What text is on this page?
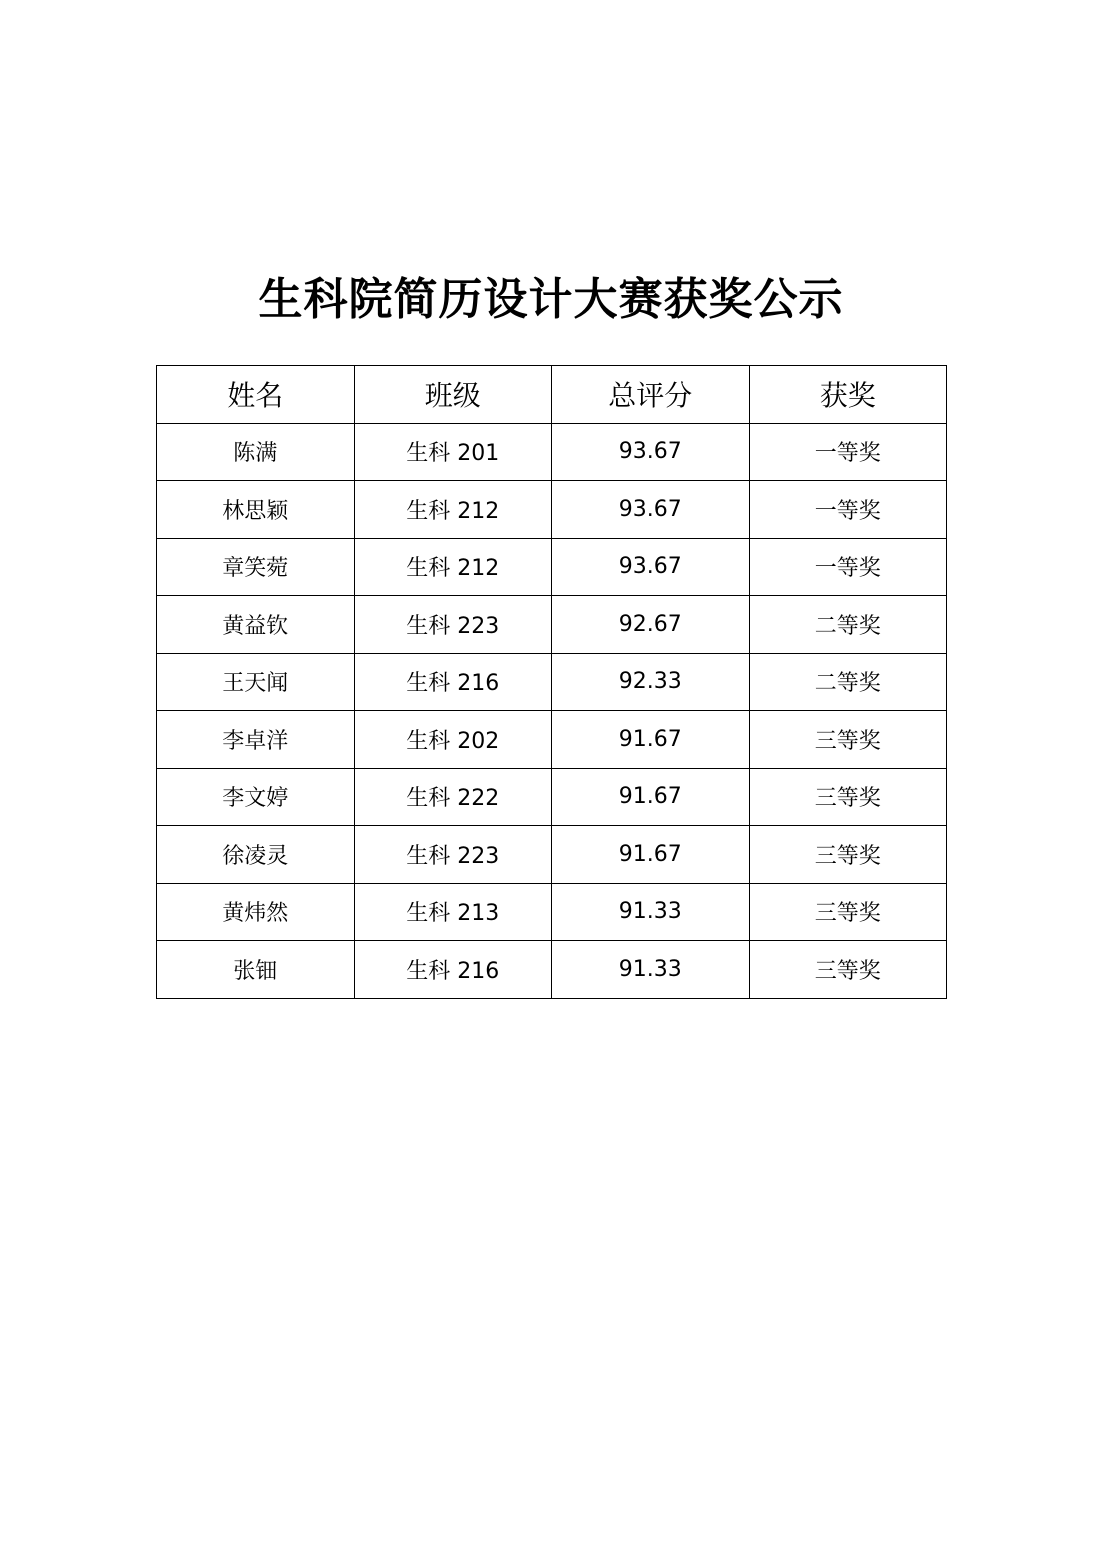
生科院简历设计大赛获奖公示
姓名	班级	总评分	获奖
陈满	生科 201	93.67	一等奖
林思颖	生科 212	93.67	一等奖
章笑菀	生科 212	93.67	一等奖
黄益钦	生科 223	92.67	二等奖
王天闻	生科 216	92.33	二等奖
李卓洋	生科 202	91.67	三等奖
李文婷	生科 222	91.67	三等奖
徐凌灵	生科 223	91.67	三等奖
黄炜然	生科 213	91.33	三等奖
张钿	生科 216	91.33	三等奖
